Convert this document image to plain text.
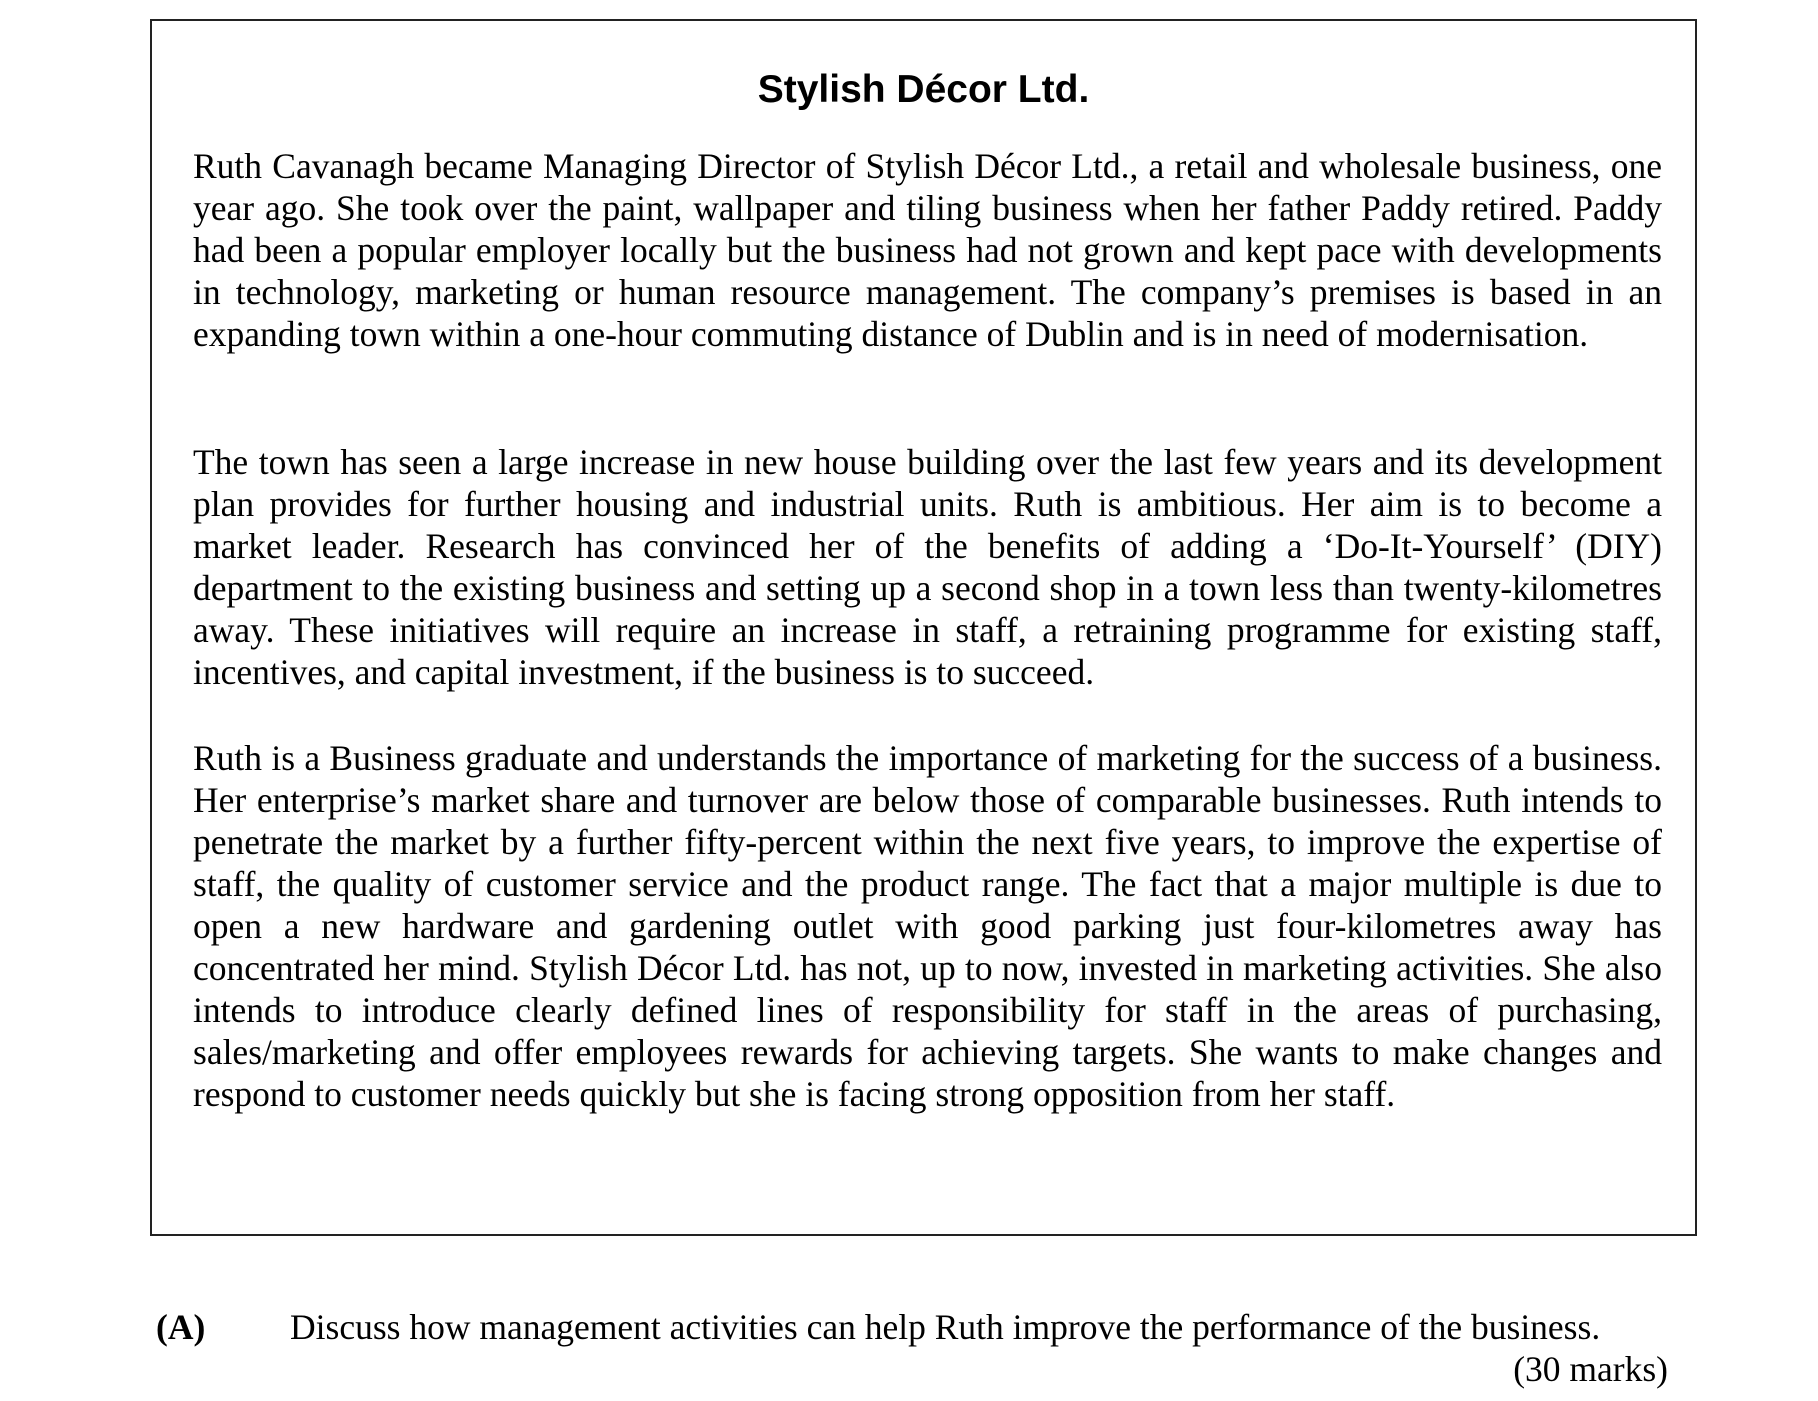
Stylish Décor Ltd.

Ruth Cavanagh became Managing Director of Stylish Décor Ltd., a retail and wholesale business, one year ago. She took over the paint, wallpaper and tiling business when her father Paddy retired. Paddy had been a popular employer locally but the business had not grown and kept pace with developments in technology, marketing or human resource management. The company’s premises is based in an expanding town within a one-hour commuting distance of Dublin and is in need of modernisation.

The town has seen a large increase in new house building over the last few years and its development plan provides for further housing and industrial units. Ruth is ambitious. Her aim is to become a market leader. Research has convinced her of the benefits of adding a ‘Do-It-Yourself’ (DIY) department to the existing business and setting up a second shop in a town less than twenty-kilometres away. These initiatives will require an increase in staff, a retraining programme for existing staff, incentives, and capital investment, if the business is to succeed.

Ruth is a Business graduate and understands the importance of marketing for the success of a business. Her enterprise’s market share and turnover are below those of comparable businesses. Ruth intends to penetrate the market by a further fifty-percent within the next five years, to improve the expertise of staff, the quality of customer service and the product range. The fact that a major multiple is due to open a new hardware and gardening outlet with good parking just four-kilometres away has concentrated her mind. Stylish Décor Ltd. has not, up to now, invested in marketing activities. She also intends to introduce clearly defined lines of responsibility for staff in the areas of purchasing, sales/marketing and offer employees rewards for achieving targets. She wants to make changes and respond to customer needs quickly but she is facing strong opposition from her staff.

(A) Discuss how management activities can help Ruth improve the performance of the business.
(30 marks)
